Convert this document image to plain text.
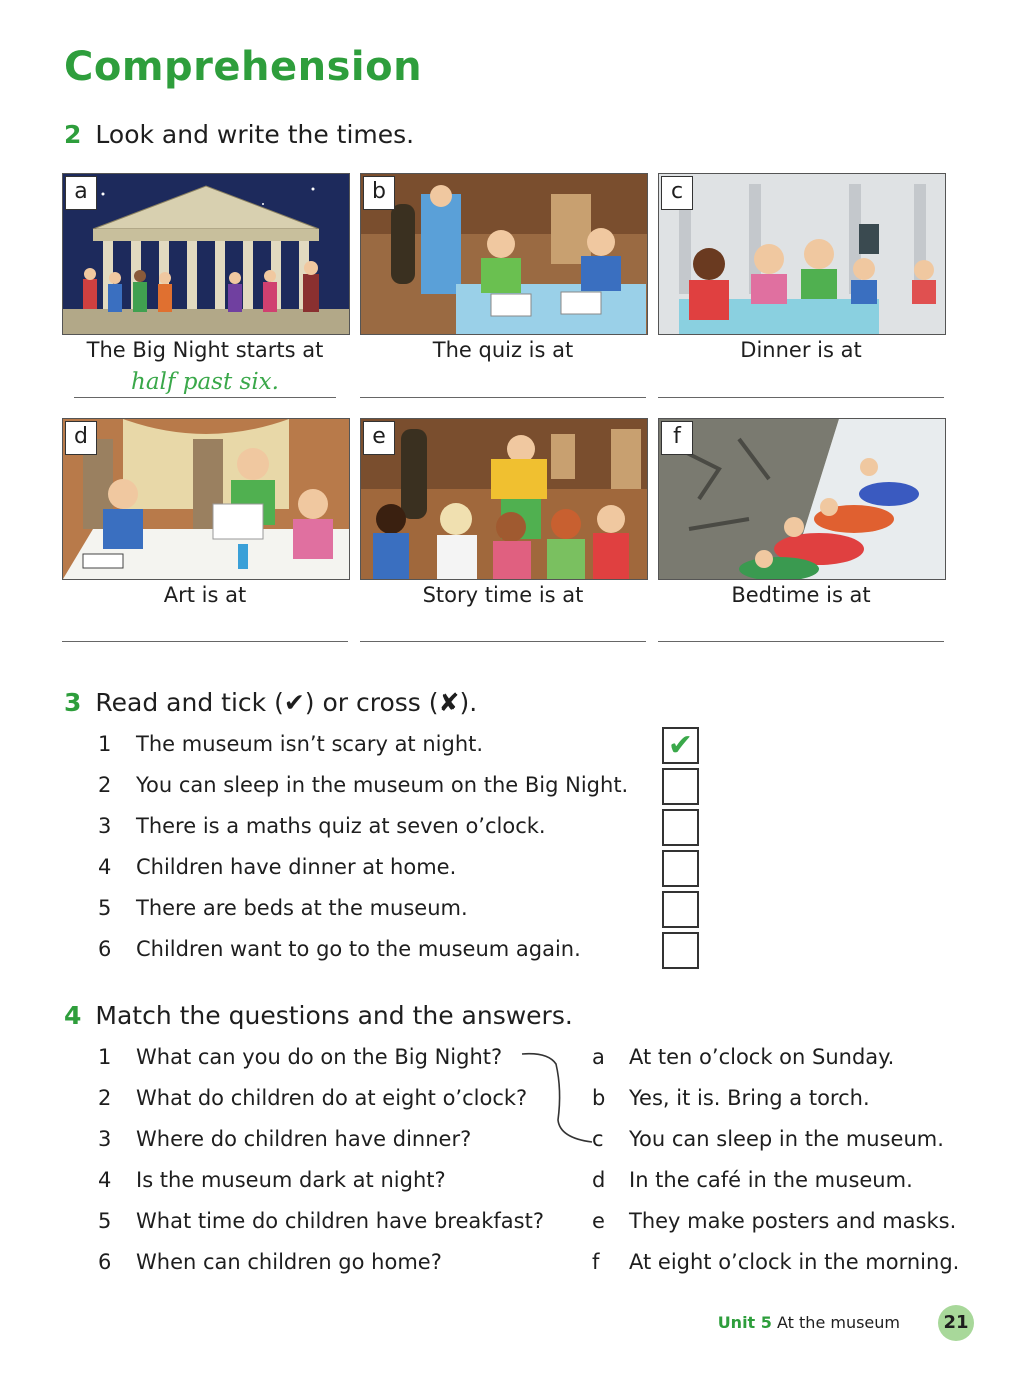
Comprehension
2 Look and write the times.
a	b	c
The Big Night starts at	The quiz is at	Dinner is at
half past six.
d	e	f
Art is at	Story time is at	Bedtime is at
3 Read and tick (✔) or cross (✘).
1 The museum isn’t scary at night.	✔
2 You can sleep in the museum on the Big Night.
3 There is a maths quiz at seven o’clock.
4 Children have dinner at home.
5 There are beds at the museum.
6 Children want to go to the museum again.
4 Match the questions and the answers.
1 What can you do on the Big Night?
2 What do children do at eight o’clock?
3 Where do children have dinner?
4 Is the museum dark at night?
5 What time do children have breakfast?
6 When can children go home?
a At ten o’clock on Sunday.
b Yes, it is. Bring a torch.
c You can sleep in the museum.
d In the café in the museum.
e They make posters and masks.
f At eight o’clock in the morning.
Unit 5 At the museum	21
